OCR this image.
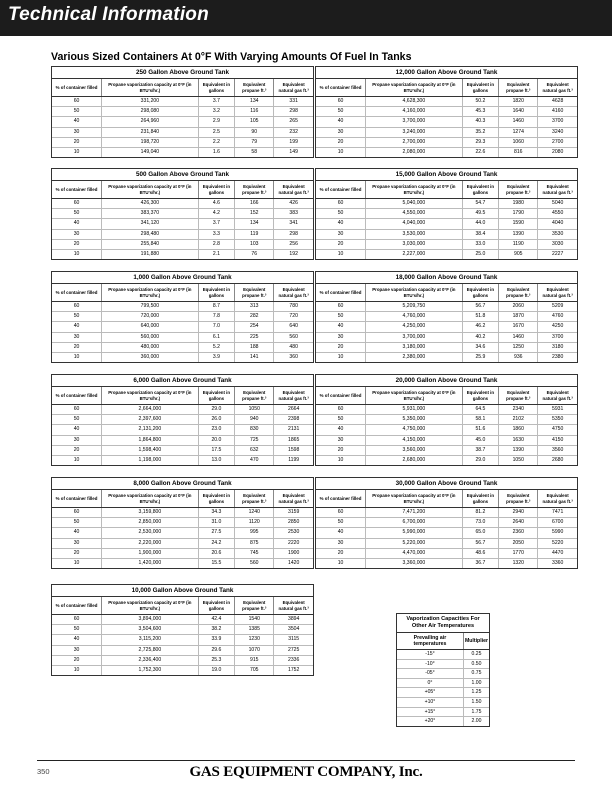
Technical Information
Various Sized Containers At 0°F With Varying Amounts Of Fuel In Tanks
250 Gallon Above Ground Tank
% of container filled	Propane vaporization capacity at 0°F (in BTU's/hr.)	Equivalent in gallons	Equivalent propane ft.³	Equivalent natural gas ft.³
60	331,200	3.7	134	331
50	298,080	3.2	116	298
40	264,960	2.9	105	265
30	231,840	2.5	90	232
20	198,720	2.2	79	199
10	149,040	1.6	58	149
12,000 Gallon Above Ground Tank
% of container filled	Propane vaporization capacity at 0°F (in BTU's/hr.)	Equivalent in gallons	Equivalent propane ft.³	Equivalent natural gas ft.³
60	4,628,300	50.2	1820	4628
50	4,160,000	45.3	1640	4160
40	3,700,000	40.3	1460	3700
30	3,240,000	35.2	1274	3240
20	2,700,000	29.3	1060	2700
10	2,080,000	22.6	816	2080
500 Gallon Above Ground Tank
% of container filled	Propane vaporization capacity at 0°F (in BTU's/hr.)	Equivalent in gallons	Equivalent propane ft.³	Equivalent natural gas ft.³
60	426,300	4.6	166	426
50	383,370	4.2	152	383
40	341,120	3.7	134	341
30	298,480	3.3	119	298
20	255,840	2.8	103	256
10	191,880	2.1	76	192
15,000 Gallon Above Ground Tank
% of container filled	Propane vaporization capacity at 0°F (in BTU's/hr.)	Equivalent in gallons	Equivalent propane ft.³	Equivalent natural gas ft.³
60	5,040,000	54.7	1980	5040
50	4,550,000	49.5	1790	4550
40	4,040,000	44.0	1590	4040
30	3,530,000	38.4	1390	3530
20	3,030,000	33.0	1190	3030
10	2,227,000	25.0	905	2227
1,000 Gallon Above Ground Tank
% of container filled	Propane vaporization capacity at 0°F (in BTU's/hr.)	Equivalent in gallons	Equivalent propane ft.³	Equivalent natural gas ft.³
60	799,500	8.7	313	780
50	720,000	7.8	282	720
40	640,000	7.0	254	640
30	560,000	6.1	225	560
20	480,000	5.2	188	480
10	360,000	3.9	141	360
18,000 Gallon Above Ground Tank
% of container filled	Propane vaporization capacity at 0°F (in BTU's/hr.)	Equivalent in gallons	Equivalent propane ft.³	Equivalent natural gas ft.³
60	5,209,750	56.7	2060	5209
50	4,760,000	51.8	1870	4760
40	4,250,000	46.2	1670	4250
30	3,700,000	40.2	1460	3700
20	3,180,000	34.6	1250	3180
10	2,380,000	25.9	936	2380
6,000 Gallon Above Ground Tank
% of container filled	Propane vaporization capacity at 0°F (in BTU's/hr.)	Equivalent in gallons	Equivalent propane ft.³	Equivalent natural gas ft.³
60	2,664,000	29.0	1050	2664
50	2,397,600	26.0	940	2398
40	2,131,200	23.0	830	2131
30	1,864,800	20.0	725	1865
20	1,598,400	17.5	632	1598
10	1,198,000	13.0	470	1199
20,000 Gallon Above Ground Tank
% of container filled	Propane vaporization capacity at 0°F (in BTU's/hr.)	Equivalent in gallons	Equivalent propane ft.³	Equivalent natural gas ft.³
60	5,931,000	64.5	2340	5931
50	5,350,000	58.1	2102	5350
40	4,750,000	51.6	1860	4750
30	4,150,000	45.0	1630	4150
20	3,560,000	38.7	1390	3560
10	2,680,000	29.0	1050	2680
8,000 Gallon Above Ground Tank
% of container filled	Propane vaporization capacity at 0°F (in BTU's/hr.)	Equivalent in gallons	Equivalent propane ft.³	Equivalent natural gas ft.³
60	3,159,800	34.3	1240	3159
50	2,850,000	31.0	1120	2850
40	2,530,000	27.5	995	2530
30	2,220,000	24.2	875	2220
20	1,900,000	20.6	745	1900
10	1,420,000	15.5	560	1420
30,000 Gallon Above Ground Tank
% of container filled	Propane vaporization capacity at 0°F (in BTU's/hr.)	Equivalent in gallons	Equivalent propane ft.³	Equivalent natural gas ft.³
60	7,471,200	81.2	2940	7471
50	6,700,000	73.0	2640	6700
40	5,990,000	65.0	2360	5990
30	5,220,000	56.7	2050	5220
20	4,470,000	48.6	1770	4470
10	3,360,000	36.7	1320	3360
10,000 Gallon Above Ground Tank
% of container filled	Propane vaporization capacity at 0°F (in BTU's/hr.)	Equivalent in gallons	Equivalent propane ft.³	Equivalent natural gas ft.³
60	3,894,000	42.4	1540	3894
50	3,504,600	38.2	1385	3504
40	3,115,200	33.9	1230	3115
30	2,725,800	29.6	1070	2725
20	2,336,400	25.3	915	2336
10	1,752,300	19.0	705	1752
Vaporization Capacities For Other Air Temperatures
Prevailing air temperatures	Multiplier
-15°	0.25
-10°	0.50
-05°	0.75
0°	1.00
+05°	1.25
+10°	1.50
+15°	1.75
+20°	2.00
350	GAS EQUIPMENT COMPANY, Inc.
